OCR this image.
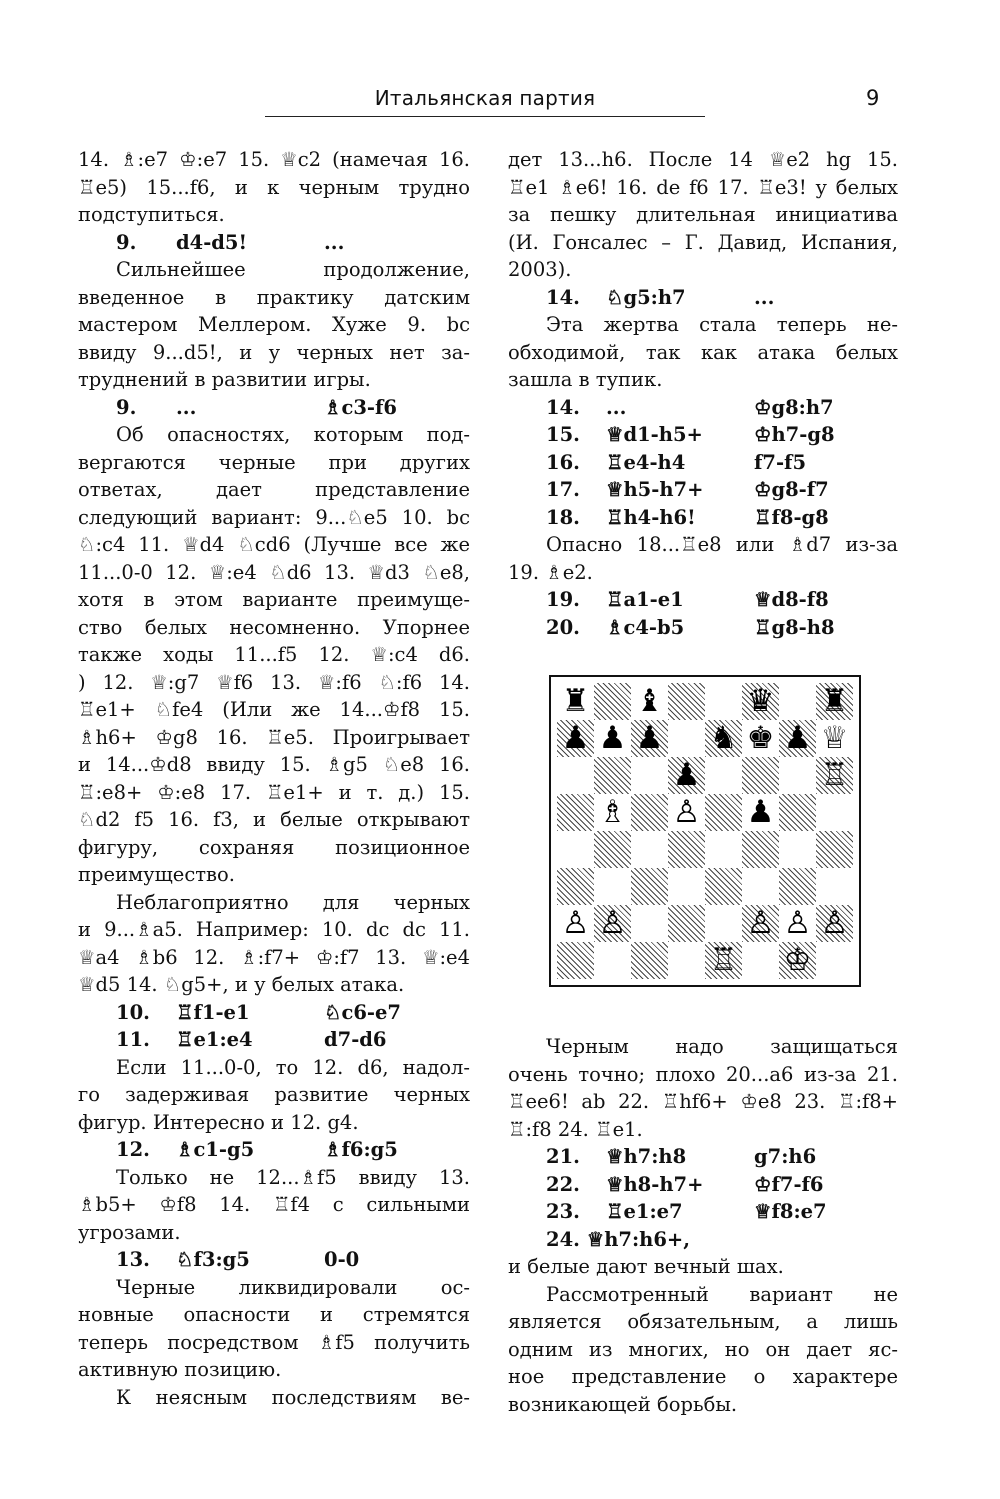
Итальянская партия	9
14. ♗:e7 ♔:e7 15. ♕c2 (намечая 16.
♖e5) 15...f6, и к черным трудно
подступиться.
9. d4-d5!	...
Сильнейшее продолжение,
введенное в практику датским
мастером Меллером. Хуже 9. bc
ввиду 9...d5!, и у черных нет за-
труднений в развитии игры.
9. ...	♗c3-f6
Об опасностях, которым под-
вергаются черные при других
ответах, дает представление
следующий вариант: 9...♘e5 10. bc
♘:c4 11. ♕d4 ♘cd6 (Лучше все же
11...0-0 12. ♕:e4 ♘d6 13. ♕d3 ♘e8,
хотя в этом варианте преимуще-
ство белых несомненно. Упорнее
также ходы 11...f5 12. ♕:c4 d6.
) 12. ♕:g7 ♕f6 13. ♕:f6 ♘:f6 14.
♖e1+ ♘fe4 (Или же 14...♔f8 15.
♗h6+ ♔g8 16. ♖e5. Проигрывает
и 14...♔d8 ввиду 15. ♗g5 ♘e8 16.
♖:e8+ ♔:e8 17. ♖e1+ и т. д.) 15.
♘d2 f5 16. f3, и белые открывают
фигуру, сохраняя позиционное
преимущество.
Неблагоприятно для черных
и 9...♗a5. Например: 10. dc dc 11.
♕a4 ♗b6 12. ♗:f7+ ♔:f7 13. ♕:e4
♕d5 14. ♘g5+, и у белых атака.
10. ♖f1-e1	♘c6-e7
11. ♖e1:e4	d7-d6
Если 11...0-0, то 12. d6, надол-
го задерживая развитие черных
фигур. Интересно и 12. g4.
12. ♗c1-g5	♗f6:g5
Только не 12...♗f5 ввиду 13.
♗b5+ ♔f8 14. ♖f4 с сильными
угрозами.
13. ♘f3:g5	0-0
Черные ликвидировали ос-
новные опасности и стремятся
теперь посредством ♗f5 получить
активную позицию.
К неясным последствиям ве-
дет 13...h6. После 14 ♕e2 hg 15.
♖e1 ♗e6! 16. de f6 17. ♖e3! у белых
за пешку длительная инициатива
(И. Гонсалес – Г. Давид, Испания,
2003).
14. ♘g5:h7	...
Эта жертва стала теперь не-
обходимой, так как атака белых
зашла в тупик.
14. ...	♔g8:h7
15. ♕d1-h5+	♔h7-g8
16. ♖e4-h4	f7-f5
17. ♕h5-h7+	♔g8-f7
18. ♖h4-h6!	♖f8-g8
Опасно 18...♖e8 или ♗d7 из-за
19. ♗e2.
19. ♖a1-e1	♕d8-f8
20. ♗c4-b5	♖g8-h8
♜ ♝	♛ ♜
♟ ♟ ♟ ♞ ♚ ♟ ♕
♟	♖
♗ ♙ ♟
♙ ♙	♙ ♙ ♙
♖ ♔
Черным надо защищаться
очень точно; плохо 20...a6 из-за 21.
♖ee6! ab 22. ♖hf6+ ♔e8 23. ♖:f8+
♖:f8 24. ♖e1.
21. ♕h7:h8	g7:h6
22. ♕h8-h7+	♔f7-f6
23. ♖e1:e7	♕f8:e7
24. ♕h7:h6+,
и белые дают вечный шах.
Рассмотренный вариант не
является обязательным, а лишь
одним из многих, но он дает яс-
ное представление о характере
возникающей борьбы.
